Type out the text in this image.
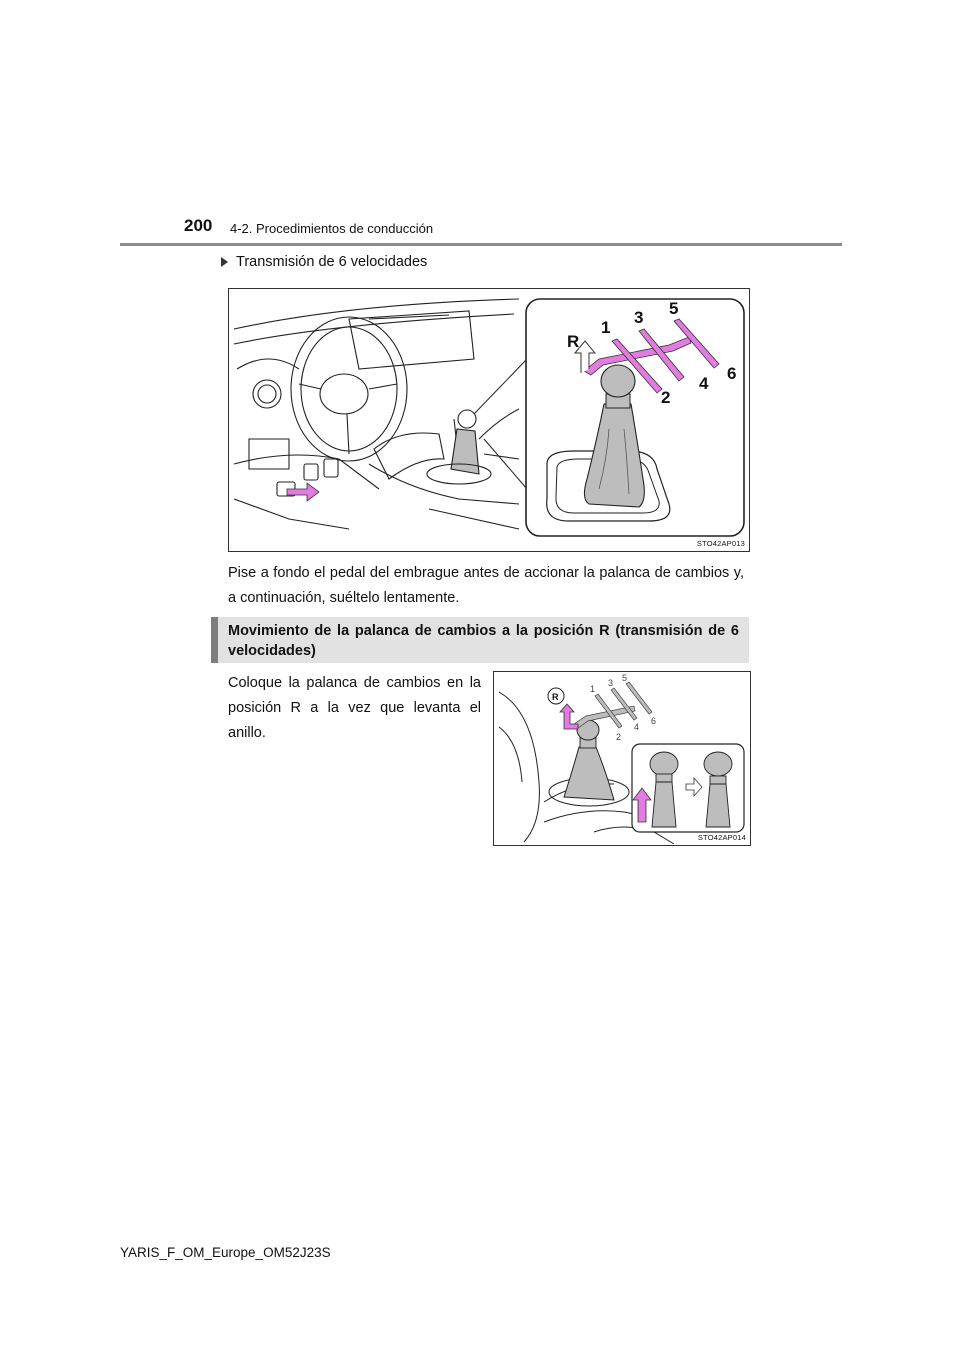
200 4-2. Procedimientos de conducción
Transmisión de 6 velocidades
R
1
2
3
4
5
6
STO42AP013
Pise a fondo el pedal del embrague antes de accionar la palanca de cambios y, a continuación, suéltelo lentamente.
Movimiento de la palanca de cambios a la posición R (transmisión de 6 velocidades)
Coloque la palanca de cambios en la posición R a la vez que levanta el anillo.
R
1
2
3
4
5
6
STO42AP014
YARIS_F_OM_Europe_OM52J23S
